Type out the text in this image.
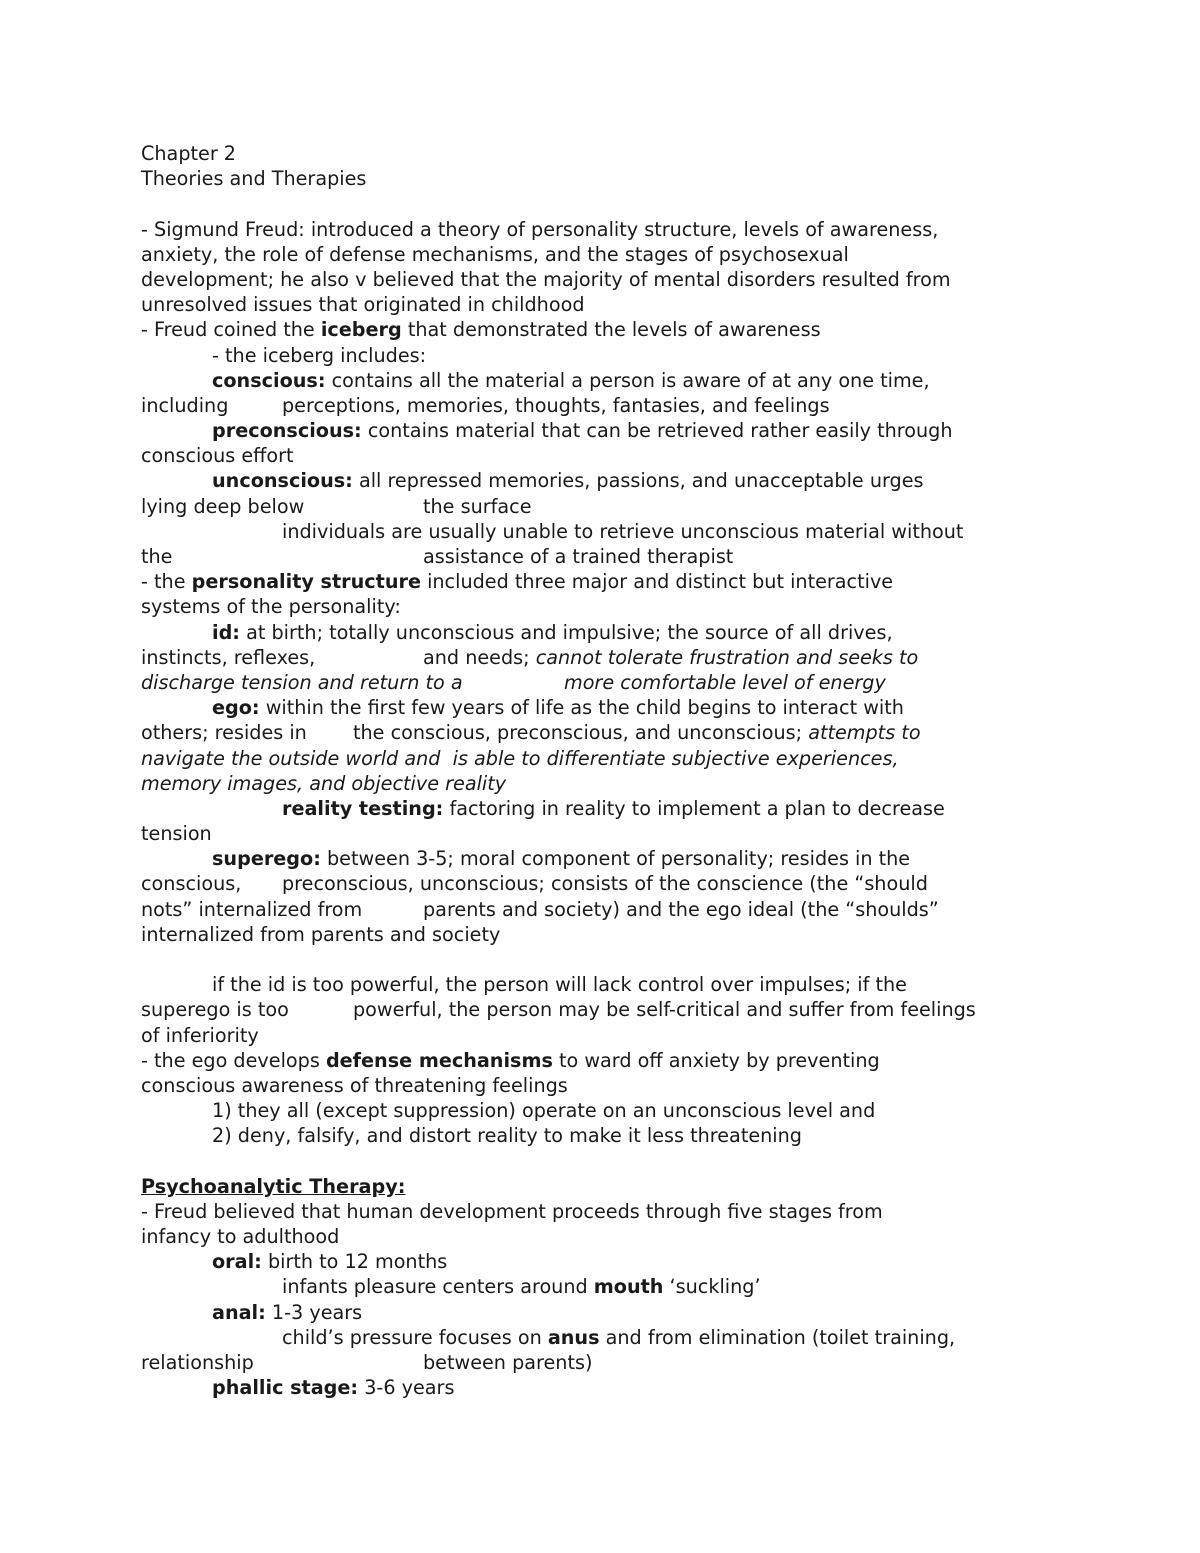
Chapter 2
Theories and Therapies
- Sigmund Freud: introduced a theory of personality structure, levels of awareness,
anxiety, the role of defense mechanisms, and the stages of psychosexual
development; he also v believed that the majority of mental disorders resulted from
unresolved issues that originated in childhood
- Freud coined the iceberg that demonstrated the levels of awareness
- the iceberg includes:
conscious: contains all the material a person is aware of at any one time,
including	perceptions, memories, thoughts, fantasies, and feelings
preconscious: contains material that can be retrieved rather easily through
conscious effort
unconscious: all repressed memories, passions, and unacceptable urges
lying deep below	the surface
individuals are usually unable to retrieve unconscious material without
the	assistance of a trained therapist
- the personality structure included three major and distinct but interactive
systems of the personality:
id: at birth; totally unconscious and impulsive; the source of all drives,
instincts, reflexes,	and needs; cannot tolerate frustration and seeks to
discharge tension and return to a	more comfortable level of energy
ego: within the first few years of life as the child begins to interact with
others; resides in the conscious, preconscious, and unconscious; attempts to
navigate the outside world and  is able to differentiate subjective experiences,
memory images, and objective reality
reality testing: factoring in reality to implement a plan to decrease
tension
superego: between 3-5; moral component of personality; resides in the
conscious, preconscious, unconscious; consists of the conscience (the “should
nots” internalized from	parents and society) and the ego ideal (the “shoulds”
internalized from parents and society
if the id is too powerful, the person will lack control over impulses; if the
superego is too	powerful, the person may be self-critical and suffer from feelings
of inferiority
- the ego develops defense mechanisms to ward off anxiety by preventing
conscious awareness of threatening feelings
1) they all (except suppression) operate on an unconscious level and
2) deny, falsify, and distort reality to make it less threatening
Psychoanalytic Therapy:
- Freud believed that human development proceeds through five stages from
infancy to adulthood
oral: birth to 12 months
infants pleasure centers around mouth ‘suckling’
anal: 1-3 years
child’s pressure focuses on anus and from elimination (toilet training,
relationship	between parents)
phallic stage: 3-6 years
